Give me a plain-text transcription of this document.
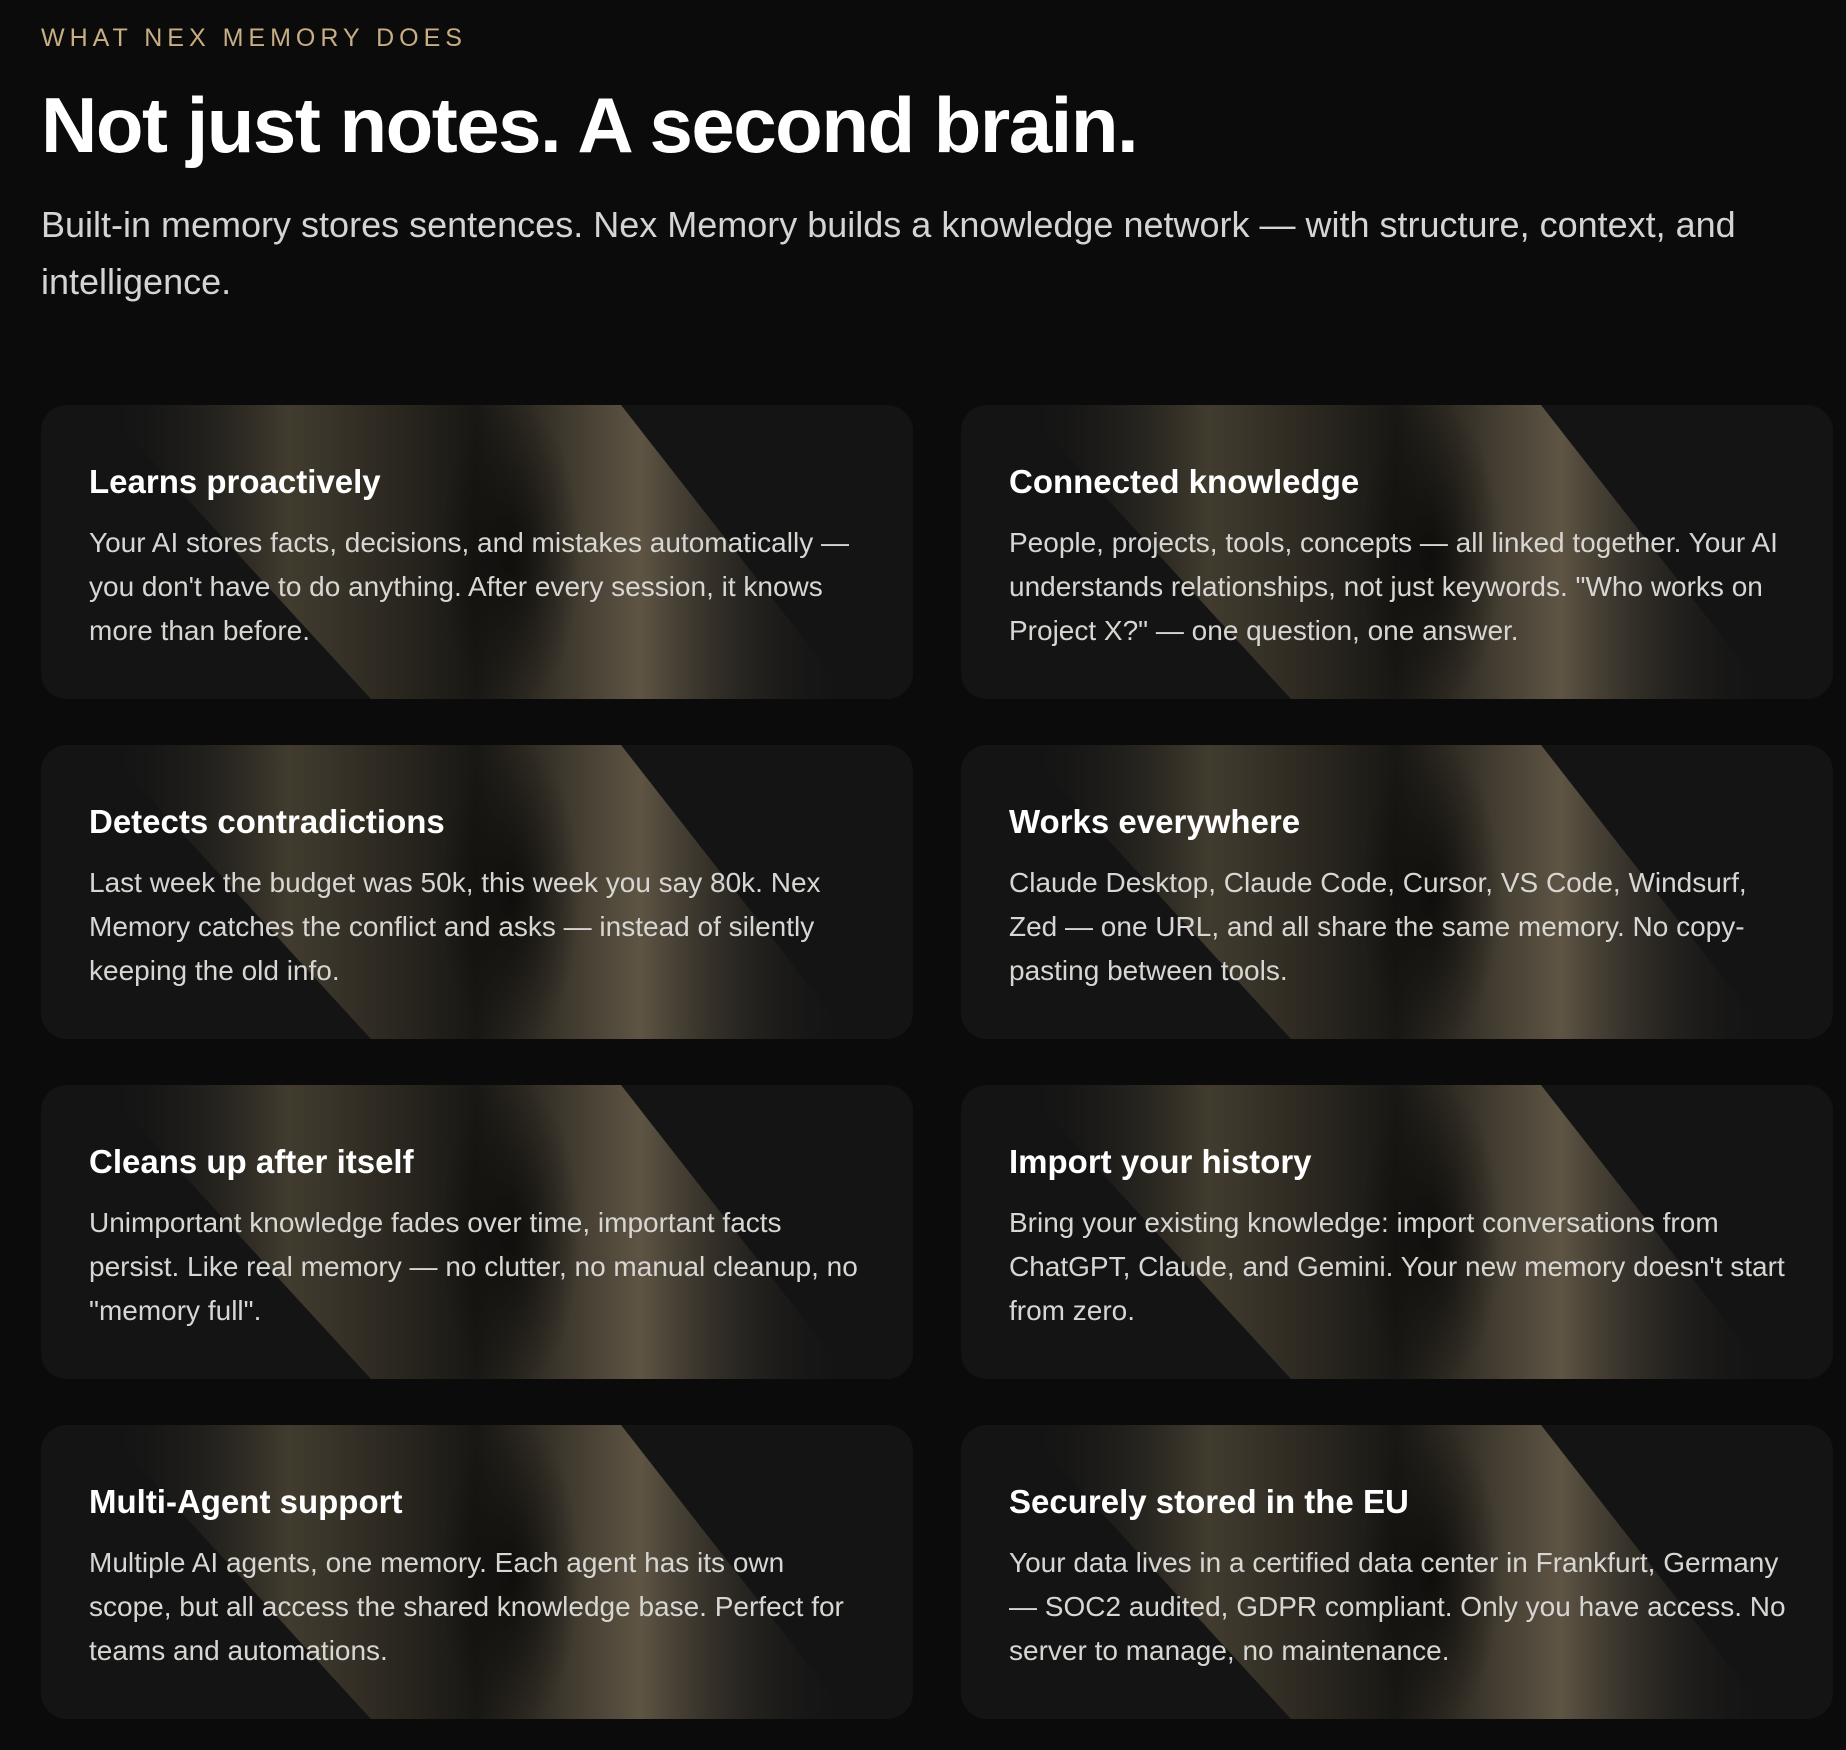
WHAT NEX MEMORY DOES

Not just notes. A second brain.

Built-in memory stores sentences. Nex Memory builds a knowledge network — with structure, context, and intelligence.

Learns proactively

Your AI stores facts, decisions, and mistakes automatically — you don't have to do anything. After every session, it knows more than before.

Connected knowledge

People, projects, tools, concepts — all linked together. Your AI understands relationships, not just keywords. "Who works on Project X?" — one question, one answer.

Detects contradictions

Last week the budget was 50k, this week you say 80k. Nex Memory catches the conflict and asks — instead of silently keeping the old info.

Works everywhere

Claude Desktop, Claude Code, Cursor, VS Code, Windsurf, Zed — one URL, and all share the same memory. No copy-pasting between tools.

Cleans up after itself

Unimportant knowledge fades over time, important facts persist. Like real memory — no clutter, no manual cleanup, no "memory full".

Import your history

Bring your existing knowledge: import conversations from ChatGPT, Claude, and Gemini. Your new memory doesn't start from zero.

Multi-Agent support

Multiple AI agents, one memory. Each agent has its own scope, but all access the shared knowledge base. Perfect for teams and automations.

Securely stored in the EU

Your data lives in a certified data center in Frankfurt, Germany — SOC2 audited, GDPR compliant. Only you have access. No server to manage, no maintenance.
